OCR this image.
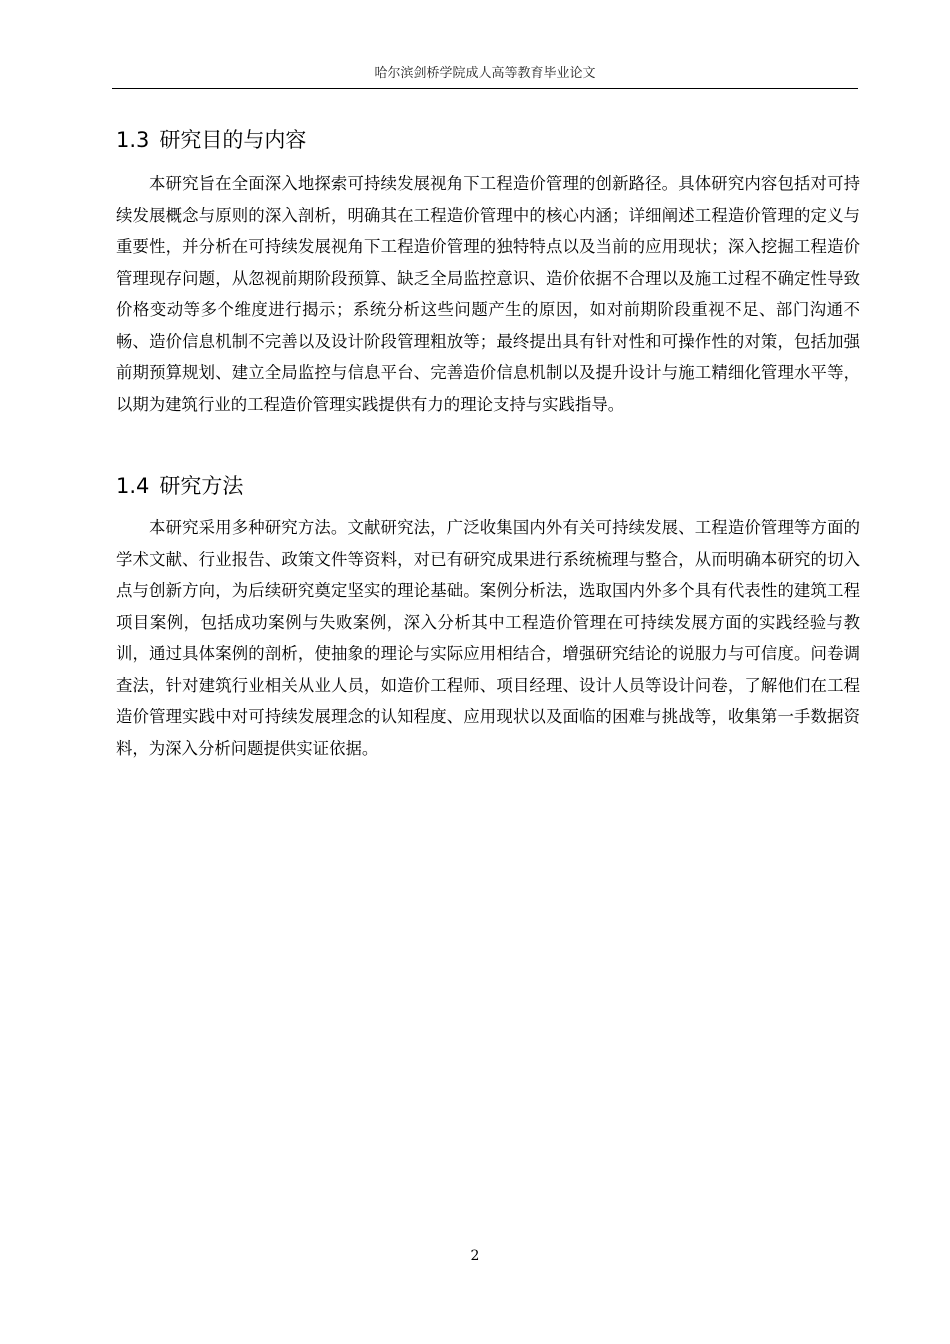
哈尔滨剑桥学院成人高等教育毕业论文
1.3 研究目的与内容

本研究旨在全面深入地探索可持续发展视角下工程造价管理的创新路径。具体研究内容包括对可持续发展概念与原则的深入剖析，明确其在工程造价管理中的核心内涵；详细阐述工程造价管理的定义与重要性，并分析在可持续发展视角下工程造价管理的独特特点以及当前的应用现状；深入挖掘工程造价管理现存问题，从忽视前期阶段预算、缺乏全局监控意识、造价依据不合理以及施工过程不确定性导致价格变动等多个维度进行揭示；系统分析这些问题产生的原因，如对前期阶段重视不足、部门沟通不畅、造价信息机制不完善以及设计阶段管理粗放等；最终提出具有针对性和可操作性的对策，包括加强前期预算规划、建立全局监控与信息平台、完善造价信息机制以及提升设计与施工精细化管理水平等，以期为建筑行业的工程造价管理实践提供有力的理论支持与实践指导。

1.4 研究方法

本研究采用多种研究方法。文献研究法，广泛收集国内外有关可持续发展、工程造价管理等方面的学术文献、行业报告、政策文件等资料，对已有研究成果进行系统梳理与整合，从而明确本研究的切入点与创新方向，为后续研究奠定坚实的理论基础。案例分析法，选取国内外多个具有代表性的建筑工程项目案例，包括成功案例与失败案例，深入分析其中工程造价管理在可持续发展方面的实践经验与教训，通过具体案例的剖析，使抽象的理论与实际应用相结合，增强研究结论的说服力与可信度。问卷调查法，针对建筑行业相关从业人员，如造价工程师、项目经理、设计人员等设计问卷，了解他们在工程造价管理实践中对可持续发展理念的认知程度、应用现状以及面临的困难与挑战等，收集第一手数据资料，为深入分析问题提供实证依据。

2
